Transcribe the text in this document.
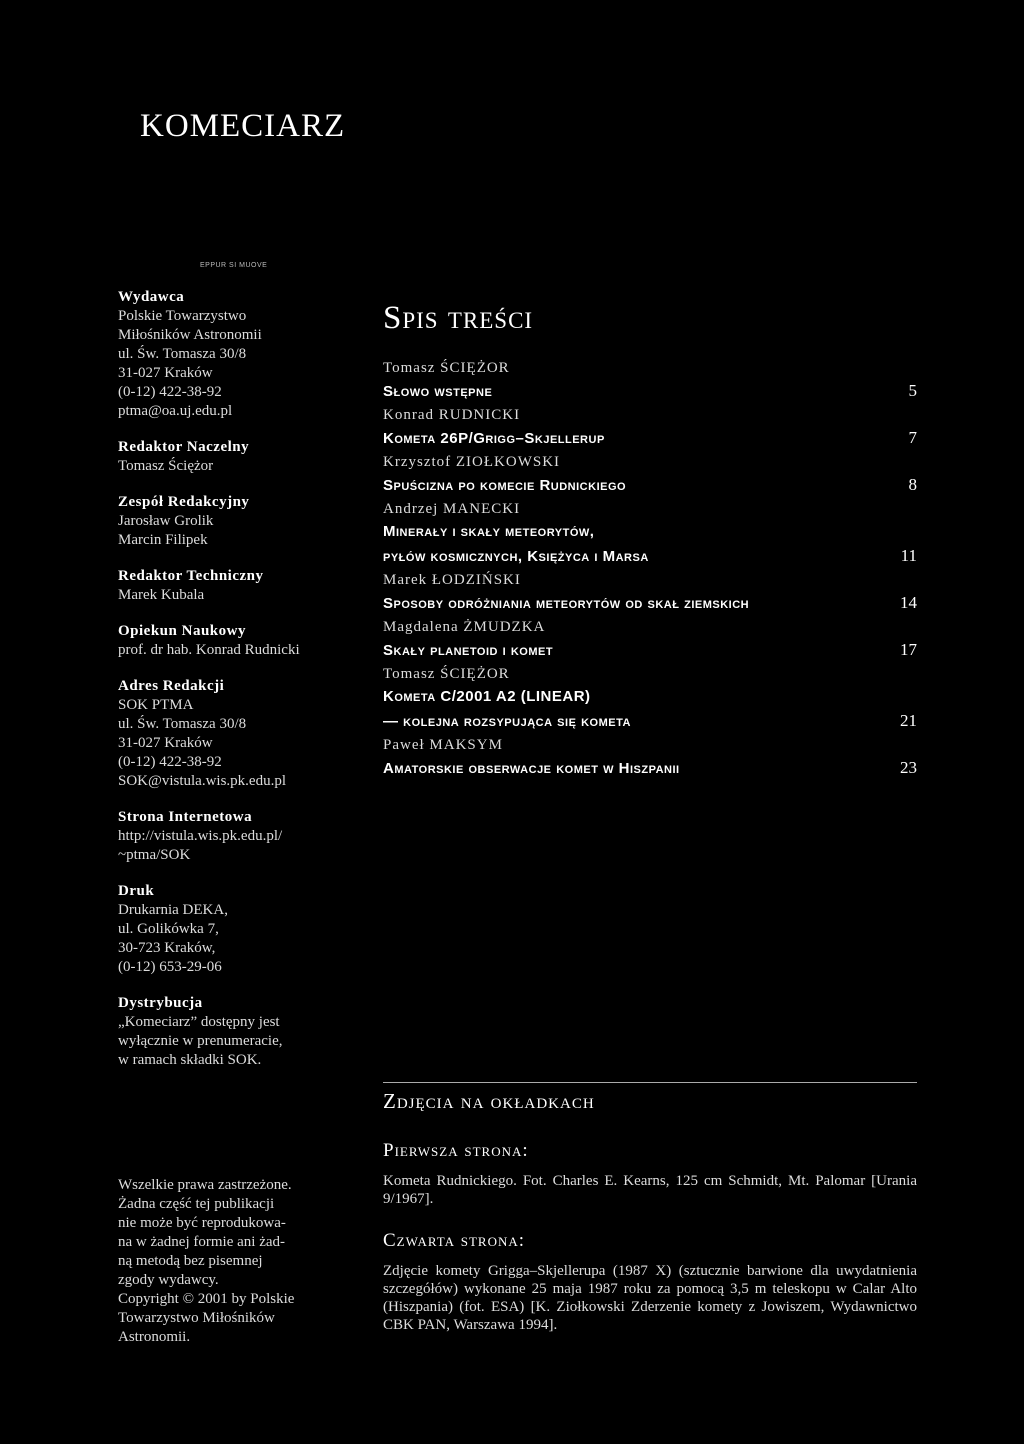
KOMECIARZ
EPPUR SI MUOVE
Wydawca
Polskie Towarzystwo
Miłośników Astronomii
ul. Św. Tomasza 30/8
31-027 Kraków
(0-12) 422-38-92
ptma@oa.uj.edu.pl
Redaktor Naczelny
Tomasz Ściężor
Zespół Redakcyjny
Jarosław Grolik
Marcin Filipek
Redaktor Techniczny
Marek Kubala
Opiekun Naukowy
prof. dr hab. Konrad Rudnicki
Adres Redakcji
SOK PTMA
ul. Św. Tomasza 30/8
31-027 Kraków
(0-12) 422-38-92
SOK@vistula.wis.pk.edu.pl
Strona Internetowa
http://vistula.wis.pk.edu.pl/
~ptma/SOK
Druk
Drukarnia DEKA,
ul. Golikówka 7,
30-723 Kraków,
(0-12) 653-29-06
Dystrybucja
„Komeciarz” dostępny jest
wyłącznie w prenumeracie,
w ramach składki SOK.
Spis treści
Tomasz ŚCIĘŻOR
Słowo wstępne	5
Konrad RUDNICKI
Kometa 26P/Grigg–Skjellerup	7
Krzysztof ZIOŁKOWSKI
Spuścizna po komecie Rudnickiego	8
Andrzej MANECKI
Minerały i skały meteorytów,
pyłów kosmicznych, Księżyca i Marsa	11
Marek ŁODZIŃSKI
Sposoby odróżniania meteorytów od skał ziemskich	14
Magdalena ŻMUDZKA
Skały planetoid i komet	17
Tomasz ŚCIĘŻOR
Kometa C/2001 A2 (LINEAR)
— kolejna rozsypująca się kometa	21
Paweł MAKSYM
Amatorskie obserwacje komet w Hiszpanii	23
Wszelkie prawa zastrzeżone.
Żadna część tej publikacji
nie może być reprodukowa-
na w żadnej formie ani żad-
ną metodą bez pisemnej
zgody wydawcy.
Copyright © 2001 by Polskie
Towarzystwo Miłośników
Astronomii.
Zdjęcia na okładkach
Pierwsza strona:
Kometa Rudnickiego. Fot. Charles E. Kearns, 125 cm Schmidt, Mt. Palomar [Urania 9/1967].
Czwarta strona:
Zdjęcie komety Grigga–Skjellerupa (1987 X) (sztucznie barwione dla uwydatnienia szczegółów) wykonane 25 maja 1987 roku za pomocą 3,5 m teleskopu w Calar Alto (Hiszpania) (fot. ESA) [K. Ziołkowski Zderzenie komety z Jowiszem, Wydawnictwo CBK PAN, Warszawa 1994].
